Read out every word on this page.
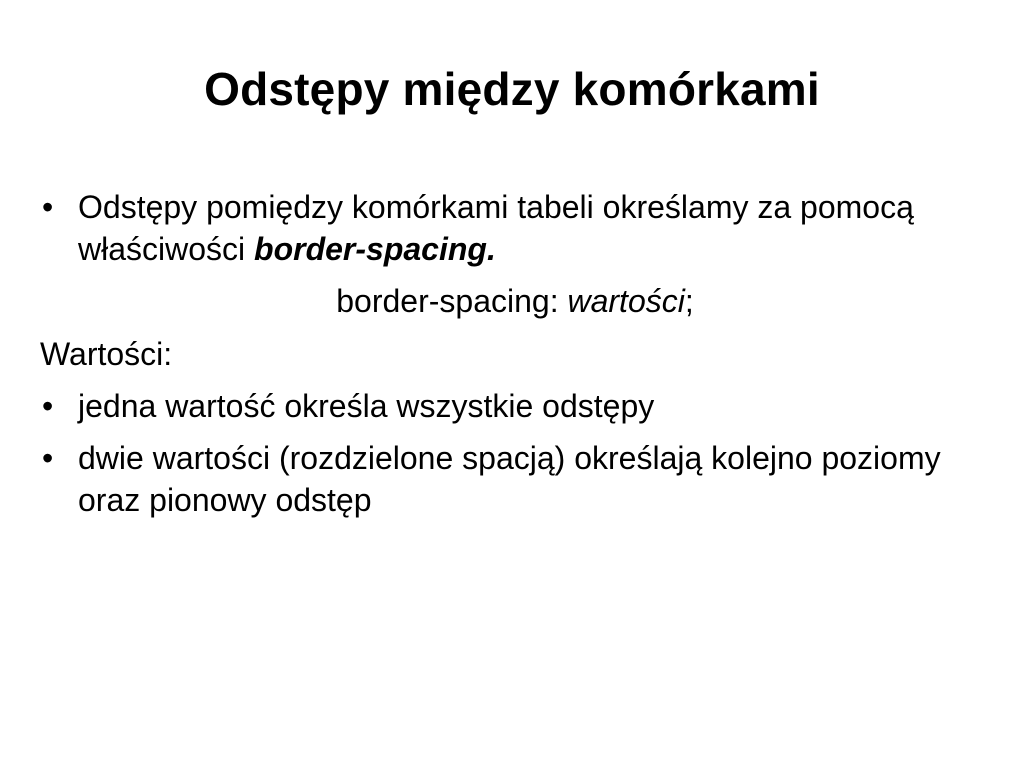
Odstępy między komórkami
• Odstępy pomiędzy komórkami tabeli określamy za pomocą właściwości border-spacing.
border-spacing: wartości;
Wartości:
• jedna wartość określa wszystkie odstępy
• dwie wartości (rozdzielone spacją) określają kolejno poziomy oraz pionowy odstęp
